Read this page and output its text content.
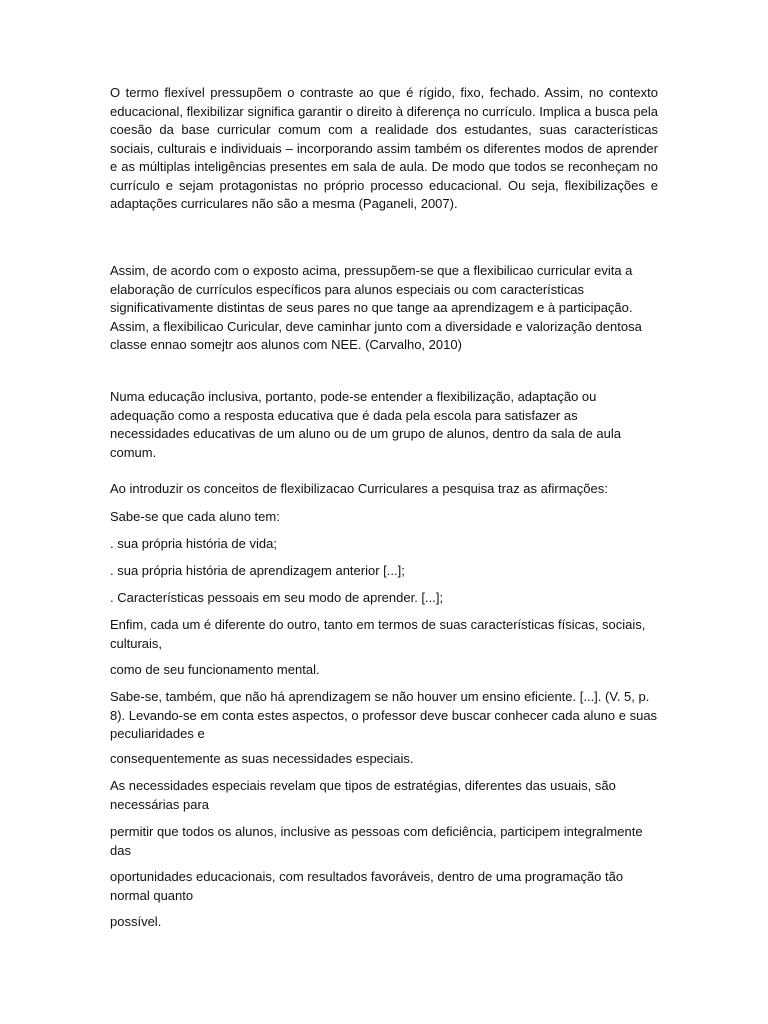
O termo flexível pressupõem o contraste ao que é rígido, fixo, fechado. Assim, no contexto educacional, flexibilizar significa garantir o direito à diferença no currículo. Implica a busca pela coesão da base curricular comum com a realidade dos estudantes, suas características sociais, culturais e individuais – incorporando assim também os diferentes modos de aprender e as múltiplas inteligências presentes em sala de aula. De modo que todos se reconheçam no currículo e sejam protagonistas no próprio processo educacional. Ou seja, flexibilizações e adaptações curriculares não são a mesma (Paganeli, 2007).

Assim, de acordo com o exposto acima, pressupõem-se que a flexibilicao curricular evita a elaboração de currículos específicos para alunos especiais ou com características significativamente distintas de seus pares no que tange aa aprendizagem e à participação. Assim, a flexibilicao Curicular, deve caminhar junto com a diversidade e valorização dentosa classe ennao somejtr aos alunos com NEE. (Carvalho, 2010)

Numa educação inclusiva, portanto, pode-se entender a flexibilização, adaptação ou adequação como a resposta educativa que é dada pela escola para satisfazer as necessidades educativas de um aluno ou de um grupo de alunos, dentro da sala de aula comum.

Ao introduzir os conceitos de flexibilizacao Curriculares a pesquisa traz as afirmações:

Sabe-se que cada aluno tem:

. sua própria história de vida;

. sua própria história de aprendizagem anterior [...];

. Características pessoais em seu modo de aprender. [...];

Enfim, cada um é diferente do outro, tanto em termos de suas características físicas, sociais, culturais,

como de seu funcionamento mental.

Sabe-se, também, que não há aprendizagem se não houver um ensino eficiente. [...]. (V. 5, p. 8). Levando-se em conta estes aspectos, o professor deve buscar conhecer cada aluno e suas peculiaridades e

consequentemente as suas necessidades especiais.

As necessidades especiais revelam que tipos de estratégias, diferentes das usuais, são necessárias para

permitir que todos os alunos, inclusive as pessoas com deficiência, participem integralmente das

oportunidades educacionais, com resultados favoráveis, dentro de uma programação tão normal quanto

possível.
